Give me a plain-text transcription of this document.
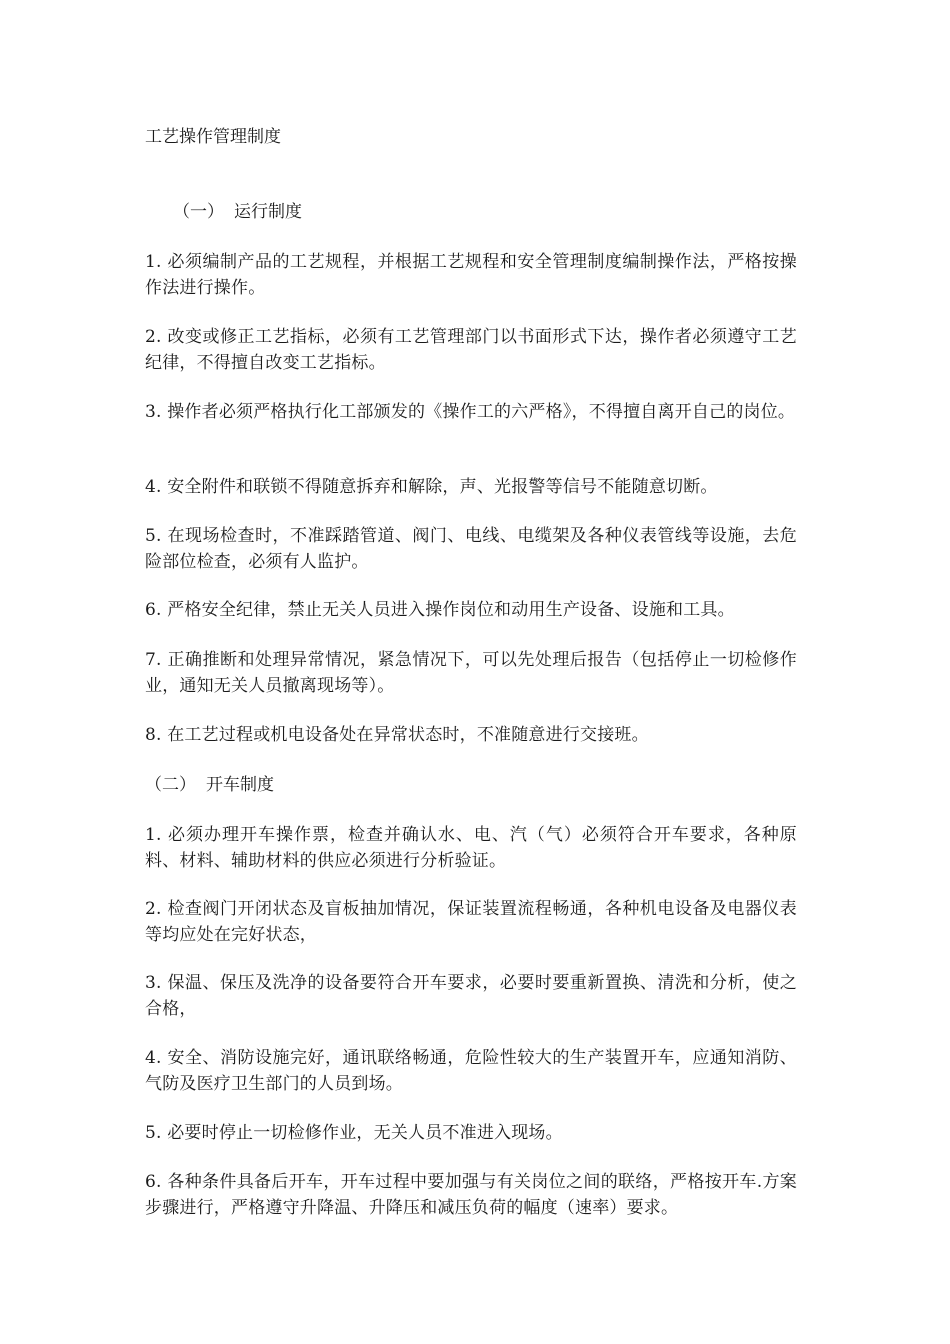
工艺操作管理制度
（一） 运行制度

1. 必须编制产品的工艺规程，并根据工艺规程和安全管理制度编制操作法，严格按操作法进行操作。

2. 改变或修正工艺指标，必须有工艺管理部门以书面形式下达，操作者必须遵守工艺纪律，不得擅自改变工艺指标。

3. 操作者必须严格执行化工部颁发的《操作工的六严格》，不得擅自离开自己的岗位。

4. 安全附件和联锁不得随意拆弃和解除，声、光报警等信号不能随意切断。

5. 在现场检查时，不准踩踏管道、阀门、电线、电缆架及各种仪表管线等设施，去危险部位检查，必须有人监护。

6. 严格安全纪律，禁止无关人员进入操作岗位和动用生产设备、设施和工具。

7. 正确推断和处理异常情况，紧急情况下，可以先处理后报告（包括停止一切检修作业，通知无关人员撤离现场等）。

8. 在工艺过程或机电设备处在异常状态时，不准随意进行交接班。

（二） 开车制度

1. 必须办理开车操作票，检查并确认水、电、汽（气）必须符合开车要求，各种原料、材料、辅助材料的供应必须进行分析验证。

2. 检查阀门开闭状态及盲板抽加情况，保证装置流程畅通，各种机电设备及电器仪表等均应处在完好状态，

3. 保温、保压及洗净的设备要符合开车要求，必要时要重新置换、清洗和分析，使之合格，

4. 安全、消防设施完好，通讯联络畅通，危险性较大的生产装置开车，应通知消防、气防及医疗卫生部门的人员到场。

5. 必要时停止一切检修作业，无关人员不准进入现场。

6. 各种条件具备后开车，开车过程中要加强与有关岗位之间的联络，严格按开车.方案步骤进行，严格遵守升降温、升降压和减压负荷的幅度（速率）要求。
